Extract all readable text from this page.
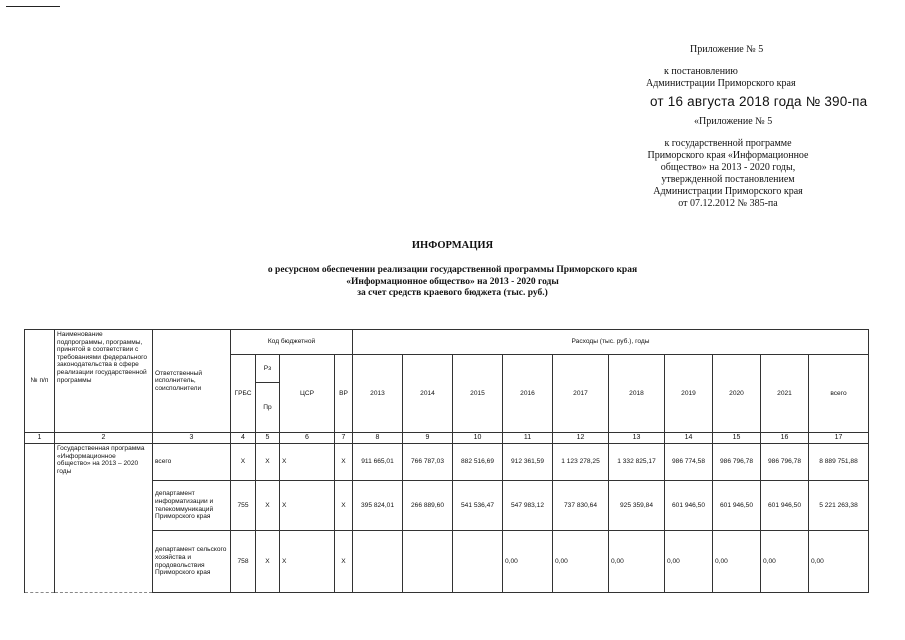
Приложение № 5
к постановлению
Администрации Приморского края
от 16 августа 2018 года № 390-па
«Приложение № 5
к государственной программе
Приморского края «Информационное
общество» на 2013 - 2020 годы,
утвержденной постановлением
Администрации Приморского края
от 07.12.2012 № 385-па
ИНФОРМАЦИЯ
о ресурсном обеспечении реализации государственной программы Приморского края
«Информационное общество» на 2013 - 2020 годы
за счет средств краевого бюджета (тыс. руб.)
№ п/п	Наименование подпрограммы, программы, принятой в соответствии с требованиями федерального законодательства в сфере реализации государственной программы	Ответственный исполнитель, соисполнители	Код бюджетной				Расходы (тыс. руб.), годы									
			ГРБС	Рз	ЦСР	ВР	2013	2014	2015	2016	2017	2018	2019	2020	2021	всего
				Пр												
1	2	3	4	5	6	7	8	9	10	11	12	13	14	15	16	17
	Государственная программа «Информационное общество» на 2013 – 2020 годы	всего	Х	Х	Х	Х	911 665,01	766 787,03	882 516,69	912 361,59	1 123 278,25	1 332 825,17	986 774,58	986 796,78	986 796,78	8 889 751,88
		департамент информатизации и телекоммуникаций Приморского края	755	Х	Х	Х	395 824,01	266 889,60	541 536,47	547 983,12	737 830,64	925 359,84	601 946,50	601 946,50	601 946,50	5 221 263,38
		департамент сельского хозяйства и продовольствия Приморского края	758	Х	Х	Х				0,00	0,00	0,00	0,00	0,00	0,00	0,00
